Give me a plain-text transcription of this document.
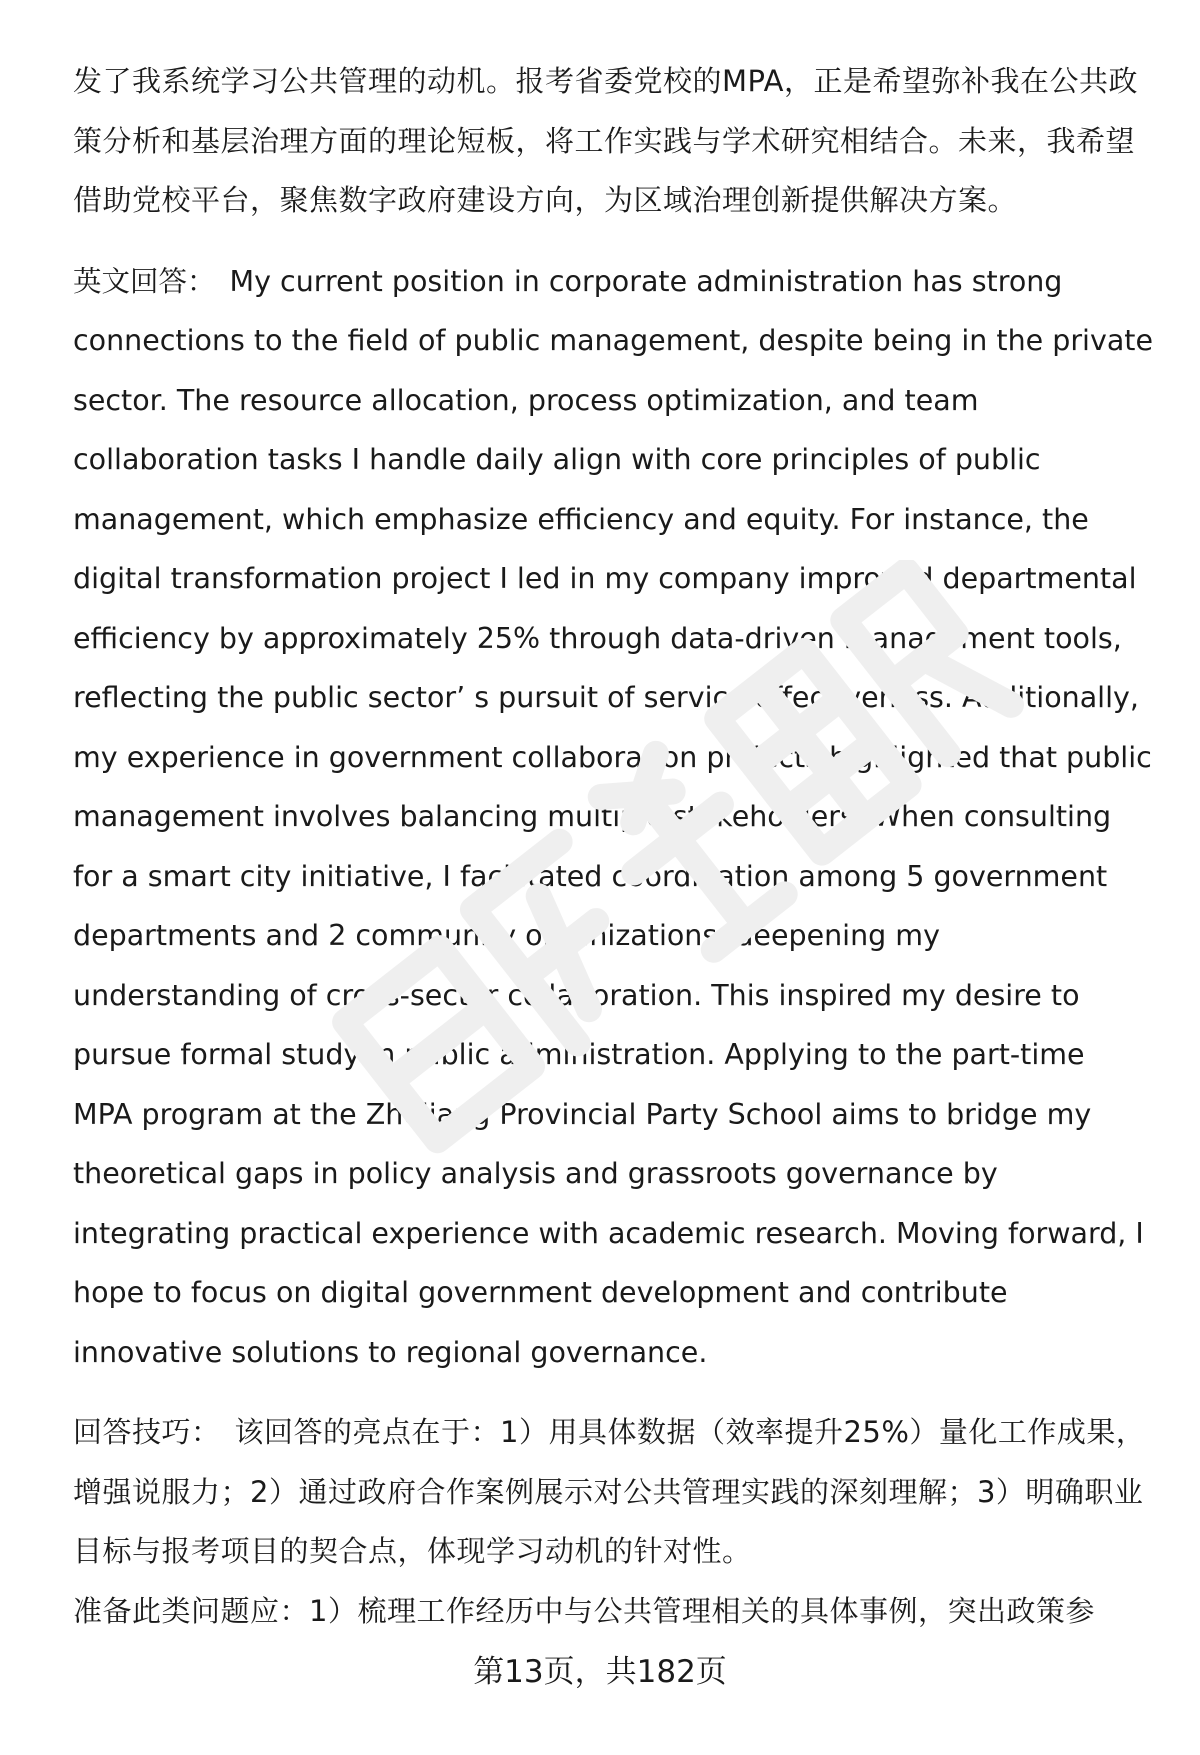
发了我系统学习公共管理的动机。报考省委党校的MPA，正是希望弥补我在公共政策分析和基层治理方面的理论短板，将工作实践与学术研究相结合。未来，我希望借助党校平台，聚焦数字政府建设方向，为区域治理创新提供解决方案。

英文回答： My current position in corporate administration has strong connections to the field of public management, despite being in the private sector. The resource allocation, process optimization, and team collaboration tasks I handle daily align with core principles of public management, which emphasize efficiency and equity. For instance, the digital transformation project I led in my company improved departmental efficiency by approximately 25% through data-driven management tools, reflecting the public sector’ s pursuit of service effectiveness. Additionally, my experience in government collaboration projects highlighted that public management involves balancing multiple stakeholders. When consulting for a smart city initiative, I facilitated coordination among 5 government departments and 2 community organizations, deepening my understanding of cross-sector collaboration. This inspired my desire to pursue formal study in public administration. Applying to the part-time MPA program at the Zhejiang Provincial Party School aims to bridge my theoretical gaps in policy analysis and grassroots governance by integrating practical experience with academic research. Moving forward, I hope to focus on digital government development and contribute innovative solutions to regional governance.

回答技巧： 该回答的亮点在于：1）用具体数据（效率提升25%）量化工作成果，增强说服力；2）通过政府合作案例展示对公共管理实践的深刻理解；3）明确职业目标与报考项目的契合点，体现学习动机的针对性。

准备此类问题应：1）梳理工作经历中与公共管理相关的具体事例，突出政策参

第13页，共182页
